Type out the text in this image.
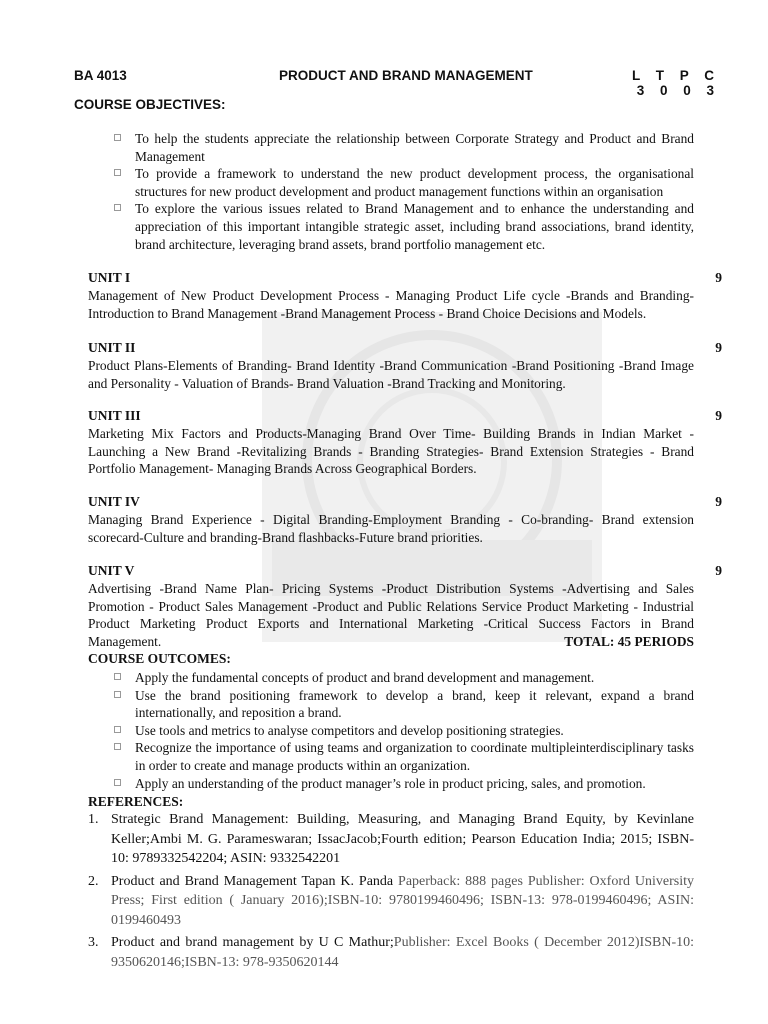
BA 4013	PRODUCT AND BRAND MANAGEMENT	L T P C
3 0 0 3
COURSE OBJECTIVES:
To help the students appreciate the relationship between Corporate Strategy and Product and Brand Management
To provide a framework to understand the new product development process, the organisational structures for new product development and product management functions within an organisation
To explore the various issues related to Brand Management and to enhance the understanding and appreciation of this important intangible strategic asset, including brand associations, brand identity, brand architecture, leveraging brand assets, brand portfolio management etc.
UNIT I	9
Management of New Product Development Process - Managing Product Life cycle -Brands and Branding-Introduction to Brand Management -Brand Management Process - Brand Choice Decisions and Models.
UNIT II	9
Product Plans-Elements of Branding- Brand Identity -Brand Communication -Brand Positioning -Brand Image and Personality - Valuation of Brands- Brand Valuation -Brand Tracking and Monitoring.
UNIT III	9
Marketing Mix Factors and Products-Managing Brand Over Time- Building Brands in Indian Market - Launching a New Brand -Revitalizing Brands - Branding Strategies- Brand Extension Strategies - Brand Portfolio Management- Managing Brands Across Geographical Borders.
UNIT IV	9
Managing Brand Experience - Digital Branding-Employment Branding - Co-branding- Brand extension scorecard-Culture and branding-Brand flashbacks-Future brand priorities.
UNIT V	9
Advertising -Brand Name Plan- Pricing Systems -Product Distribution Systems -Advertising and Sales Promotion - Product Sales Management -Product and Public Relations Service Product Marketing - Industrial Product Marketing Product Exports and International Marketing -Critical Success Factors in Brand Management.	TOTAL: 45 PERIODS
COURSE OUTCOMES:
Apply the fundamental concepts of product and brand development and management.
Use the brand positioning framework to develop a brand, keep it relevant, expand a brand internationally, and reposition a brand.
Use tools and metrics to analyse competitors and develop positioning strategies.
Recognize the importance of using teams and organization to coordinate multipleinterdisciplinary tasks in order to create and manage products within an organization.
Apply an understanding of the product manager’s role in product pricing, sales, and promotion.
REFERENCES:
1. Strategic Brand Management: Building, Measuring, and Managing Brand Equity, by Kevinlane Keller;Ambi M. G. Parameswaran; IssacJacob;Fourth edition; Pearson Education India; 2015; ISBN-10: 9789332542204; ASIN: 9332542201
2. Product and Brand Management Tapan K. Panda Paperback: 888 pages Publisher: Oxford University Press; First edition ( January 2016);ISBN-10: 9780199460496; ISBN-13: 978-0199460496; ASIN: 0199460493
3. Product and brand management by U C Mathur;Publisher: Excel Books ( December 2012)ISBN-10: 9350620146;ISBN-13: 978-9350620144
